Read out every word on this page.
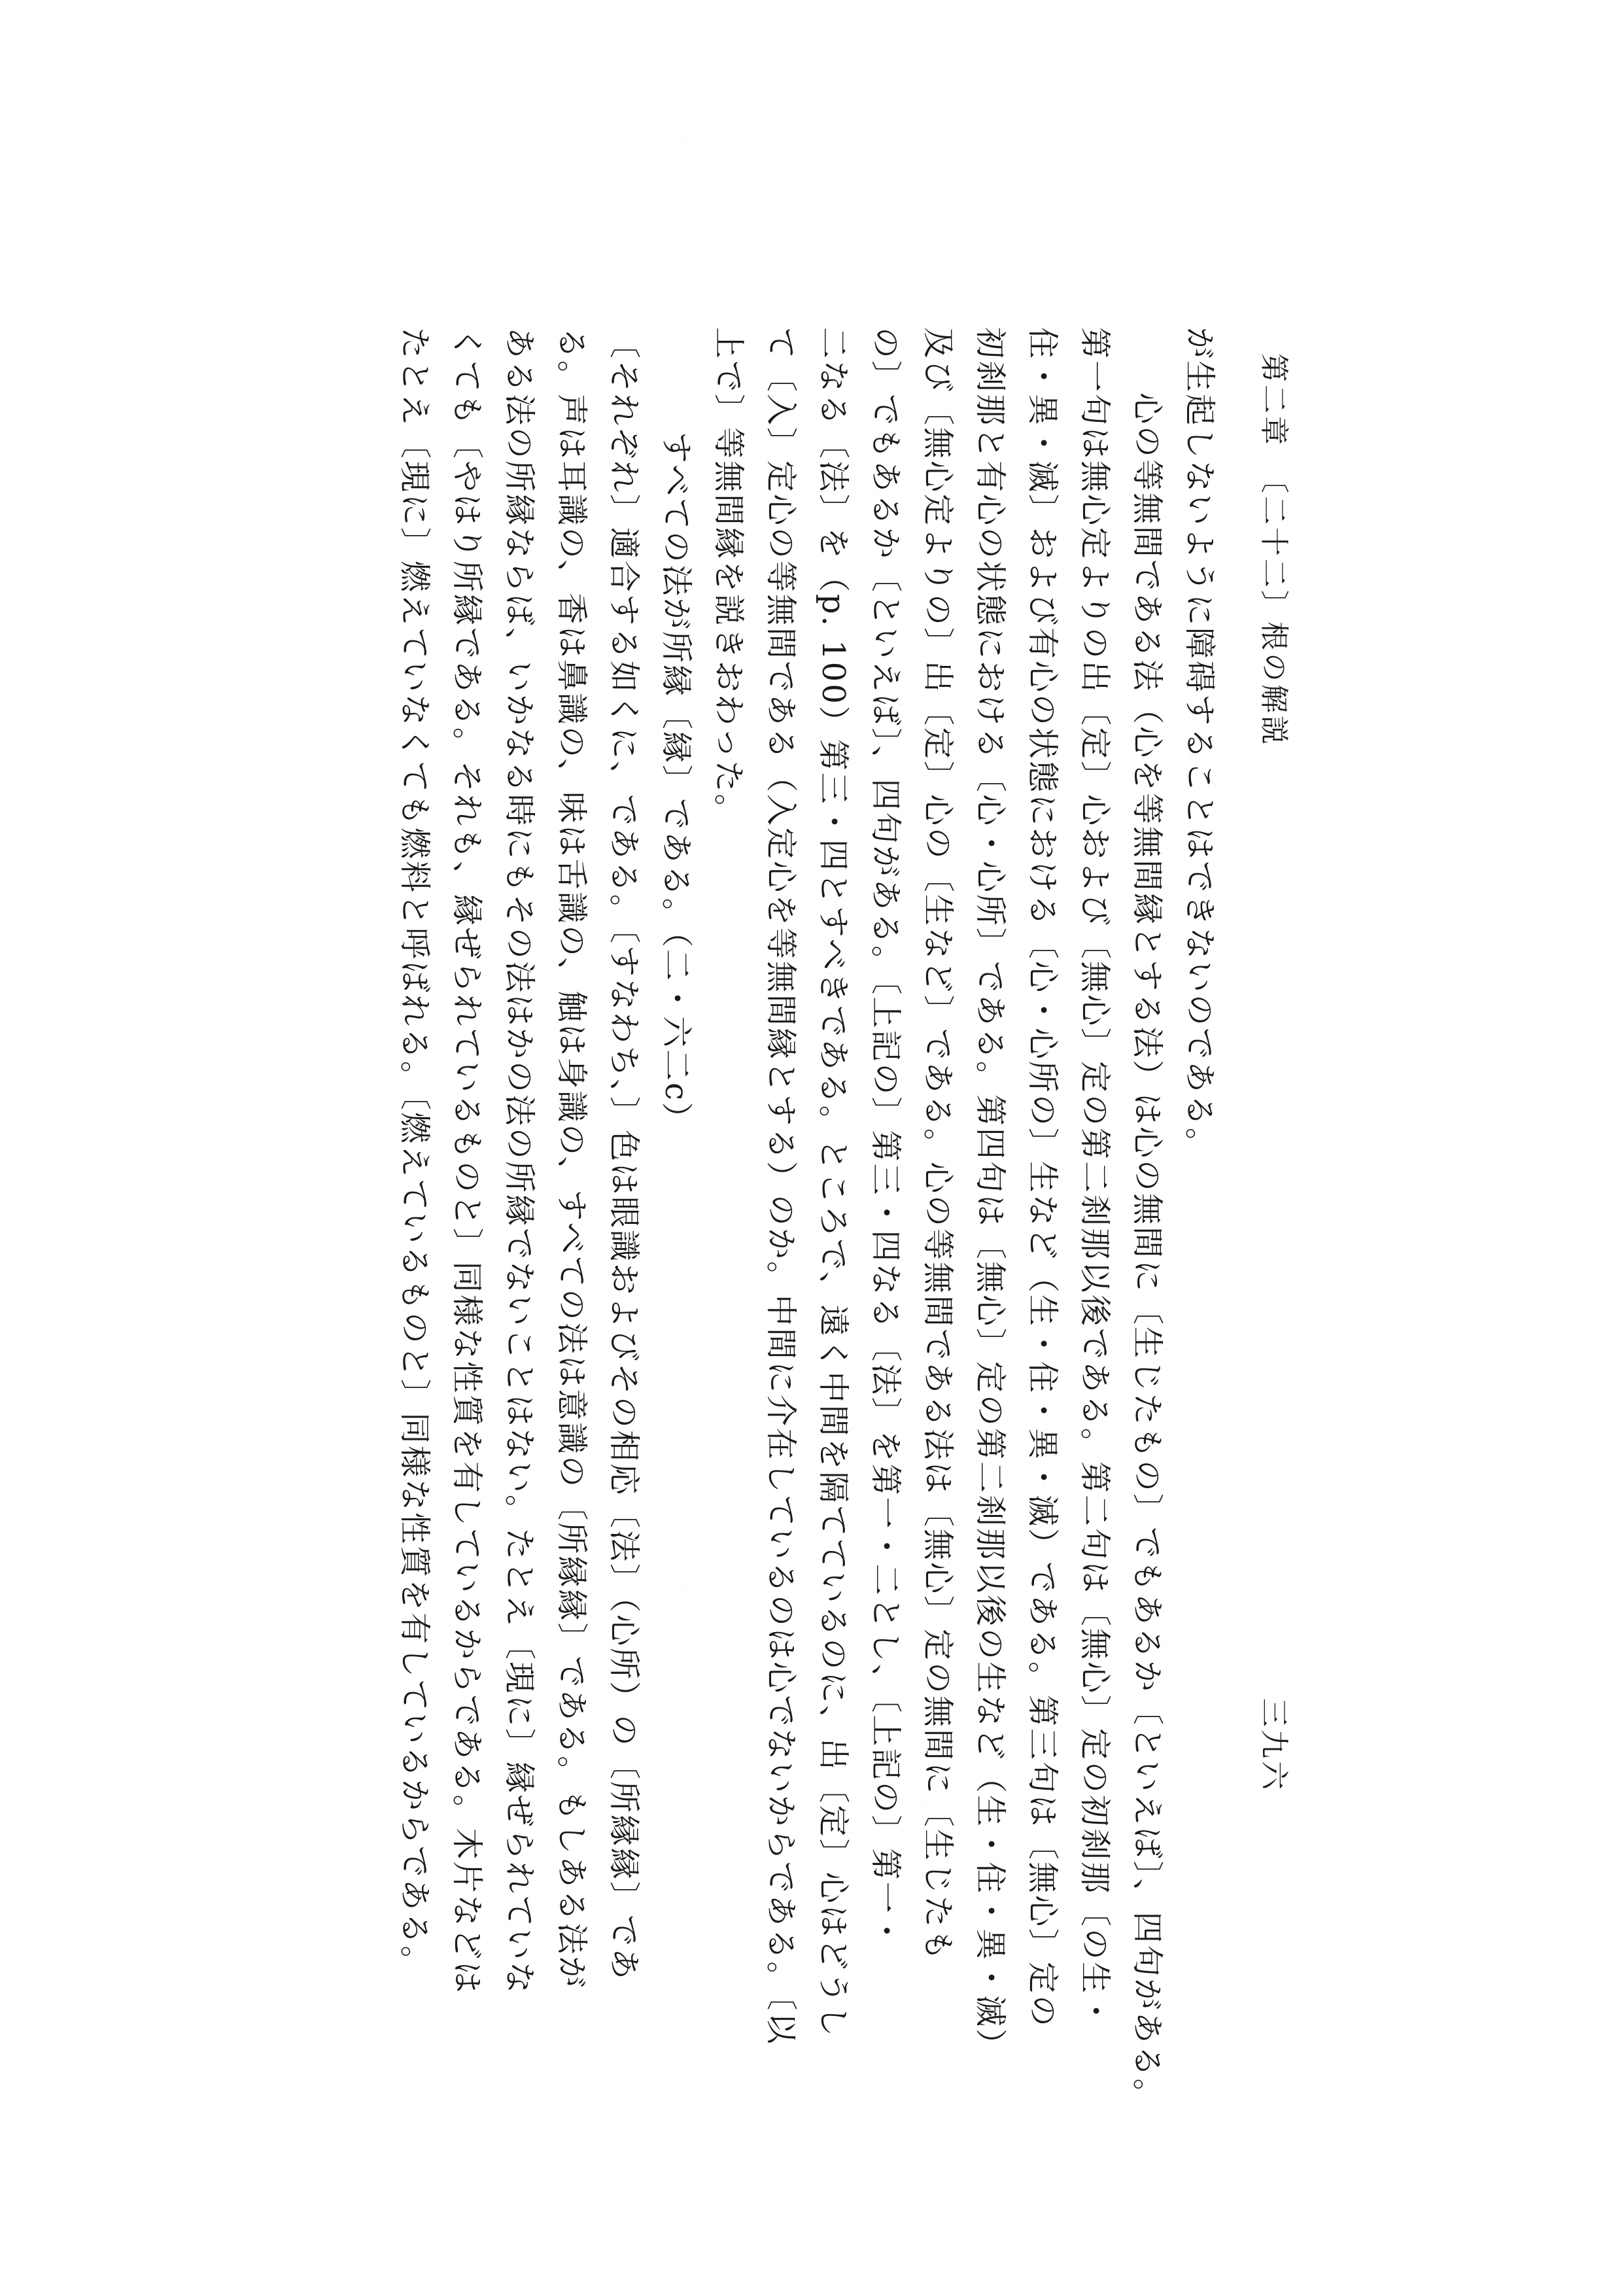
第二章　〔二十二〕根の解説
三九六

が生起しないように障碍することはできないのである。

心の等無間である法（心を等無間縁とする法）は心の無間に〔生じたもの〕でもあるか〔といえば〕、四句がある。

第一句は無心定よりの出〔定〕心および〔無心〕定の第二刹那以後である。第二句は〔無心〕定の初刹那〔の生・

住・異・滅〕および有心の状態における〔心・心所の〕生など（生・住・異・滅）である。第三句は〔無心〕定の

初刹那と有心の状態における〔心・心所〕である。第四句は〔無心〕定の第二刹那以後の生など（生・住・異・滅）

及び〔無心定よりの〕出〔定〕心の〔生など〕である。心の等無間である法は〔無心〕定の無間に〔生じたも

の〕でもあるか〔といえば〕、四句がある。〔上記の〕第三・四なる〔法〕を第一・二とし、〔上記の〕第一・

二なる〔法〕を（p. 100）第三・四とすべきである。ところで、遠く中間を隔てているのに、出〔定〕心はどうし

て〔入〕定心の等無間である（入定心を等無間縁とする）のか。中間に介在しているのは心でないからである。〔以

上で〕等無間縁を説きおわった。

すべての法が所縁〔縁〕である。（二・六二c）

〔それぞれ〕適合する如くに、である。〔すなわち、〕色は眼識およびその相応〔法〕（心所）の〔所縁縁〕であ

る。声は耳識の、香は鼻識の、味は舌識の、触は身識の、すべての法は意識の〔所縁縁〕である。もしある法が

ある法の所縁ならば、いかなる時にもその法はかの法の所縁でないことはない。たとえ〔現に〕縁ぜられていな

くても〔やはり所縁である。それも、縁ぜられているものと〕同様な性質を有しているからである。木片などは

たとえ〔現に〕燃えていなくても燃料と呼ばれる。〔燃えているものと〕同様な性質を有しているからである。
